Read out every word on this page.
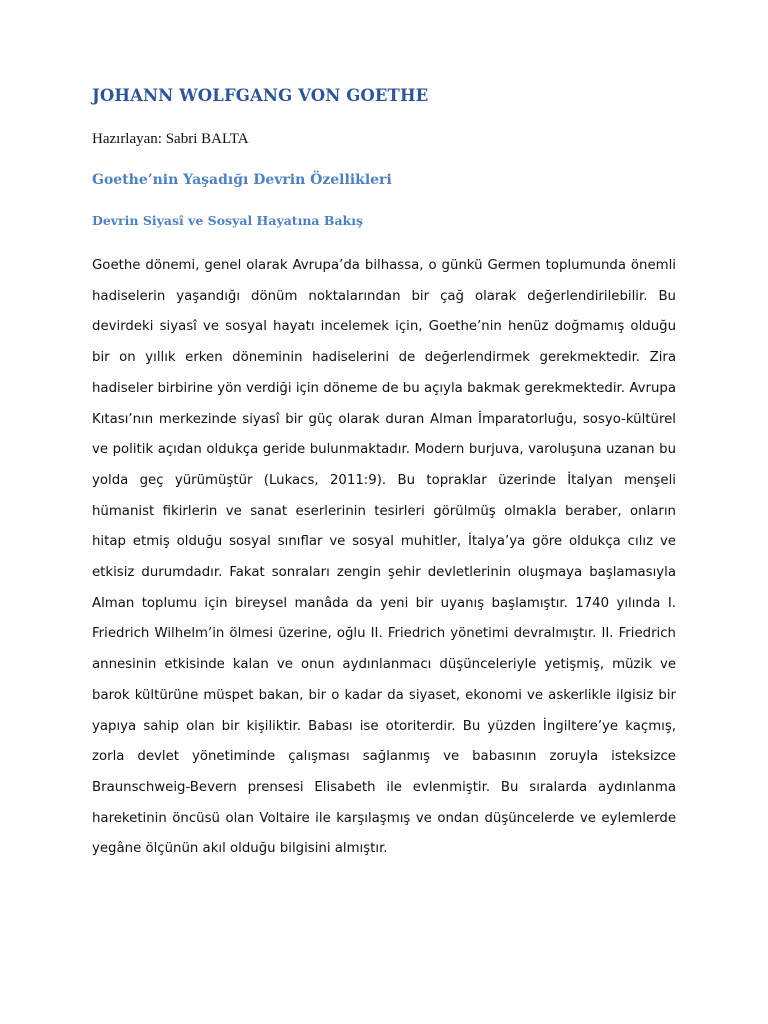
JOHANN WOLFGANG VON GOETHE

Hazırlayan: Sabri BALTA

Goethe’nin Yaşadığı Devrin Özellikleri
Devrin Siyasî ve Sosyal Hayatına Bakış

Goethe dönemi, genel olarak Avrupa’da bilhassa, o günkü Germen toplumunda önemli hadiselerin yaşandığı dönüm noktalarından bir çağ olarak değerlendirilebilir. Bu devirdeki siyasî ve sosyal hayatı incelemek için, Goethe’nin henüz doğmamış olduğu bir on yıllık erken döneminin hadiselerini de değerlendirmek gerekmektedir. Zira hadiseler birbirine yön verdiği için döneme de bu açıyla bakmak gerekmektedir. Avrupa Kıtası’nın merkezinde siyasî bir güç olarak duran Alman İmparatorluğu, sosyo-kültürel ve politik açıdan oldukça geride bulunmaktadır. Modern burjuva, varoluşuna uzanan bu yolda geç yürümüştür (Lukacs, 2011:9). Bu topraklar üzerinde İtalyan menşeli hümanist fikirlerin ve sanat eserlerinin tesirleri görülmüş olmakla beraber, onların hitap etmiş olduğu sosyal sınıflar ve sosyal muhitler, İtalya’ya göre oldukça cılız ve etkisiz durumdadır. Fakat sonraları zengin şehir devletlerinin oluşmaya başlamasıyla Alman toplumu için bireysel manâda da yeni bir uyanış başlamıştır. 1740 yılında I. Friedrich Wilhelm’in ölmesi üzerine, oğlu II. Friedrich yönetimi devralmıştır. II. Friedrich annesinin etkisinde kalan ve onun aydınlanmacı düşünceleriyle yetişmiş, müzik ve barok kültürüne müspet bakan, bir o kadar da siyaset, ekonomi ve askerlikle ilgisiz bir yapıya sahip olan bir kişiliktir. Babası ise otoriterdir. Bu yüzden İngiltere’ye kaçmış, zorla devlet yönetiminde çalışması sağlanmış ve babasının zoruyla isteksizce Braunschweig-Bevern prensesi Elisabeth ile evlenmiştir. Bu sıralarda aydınlanma hareketinin öncüsü olan Voltaire ile karşılaşmış ve ondan düşüncelerde ve eylemlerde yegâne ölçünün akıl olduğu bilgisini almıştır.
